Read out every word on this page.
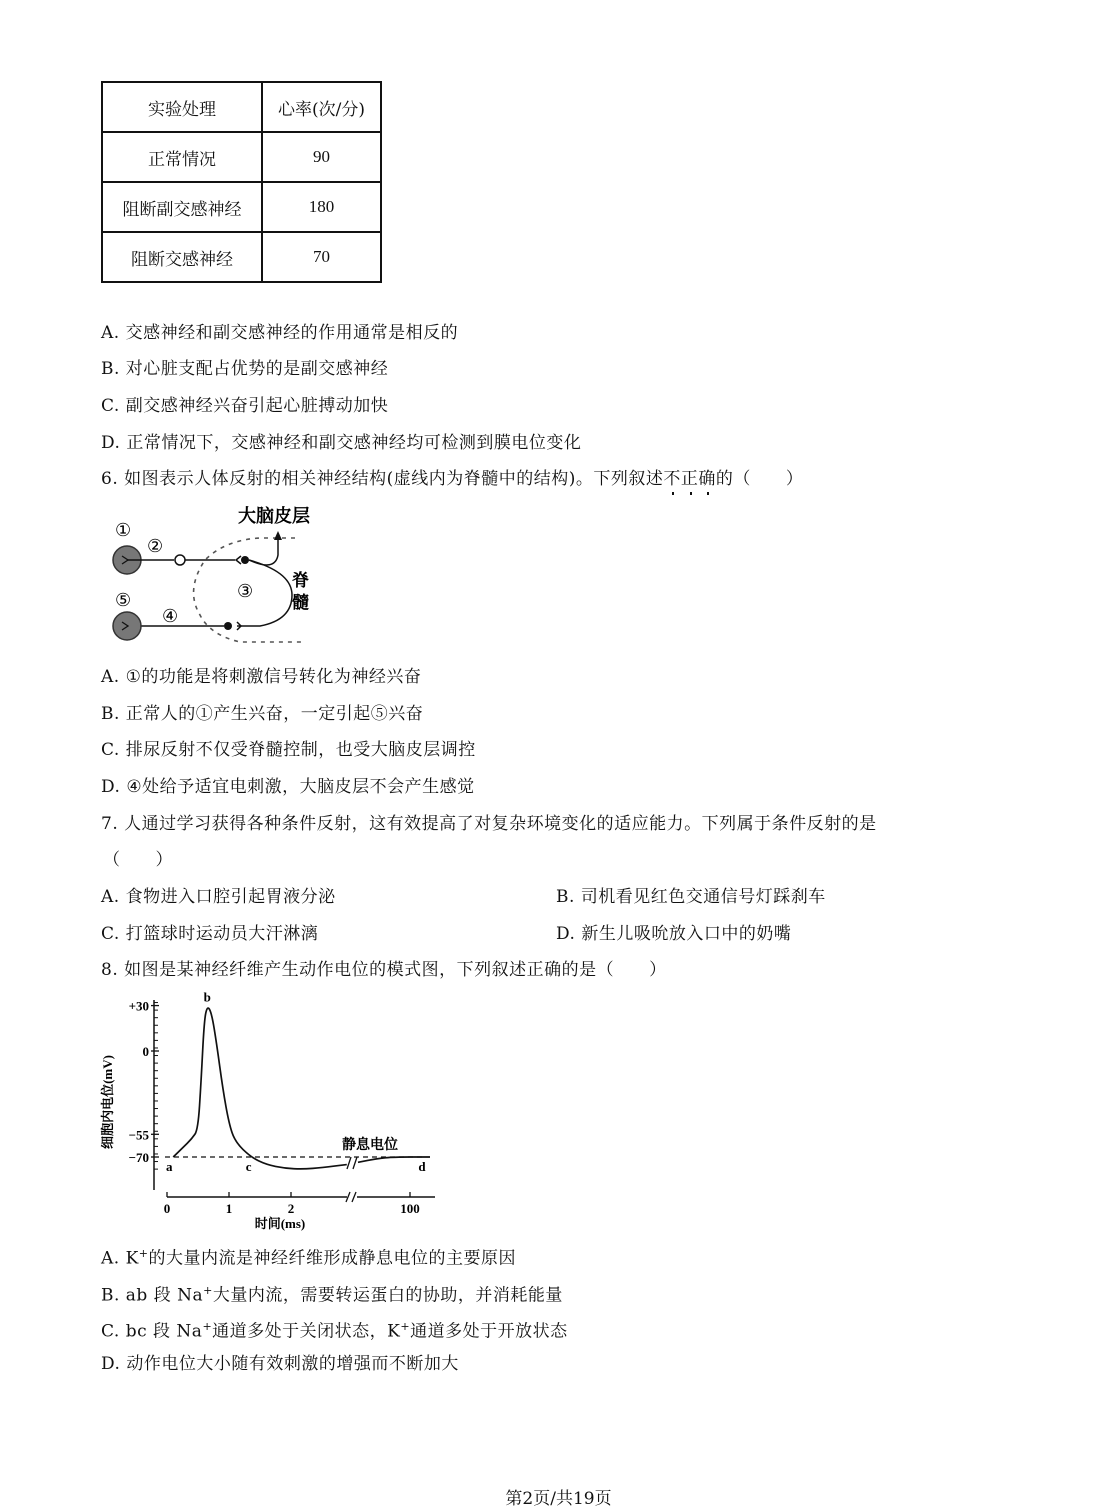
实验处理	心率(次/分)
正常情况	90
阻断副交感神经	180
阻断交感神经	70
A. 交感神经和副交感神经的作用通常是相反的
B. 对心脏支配占优势的是副交感神经
C. 副交感神经兴奋引起心脏搏动加快
D. 正常情况下，交感神经和副交感神经均可检测到膜电位变化
6. 如图表示人体反射的相关神经结构(虚线内为脊髓中的结构)。下列叙述不正确的（　　）
大脑皮层
脊
髓
①
②
③
④
⑤
A. ①的功能是将刺激信号转化为神经兴奋
B. 正常人的①产生兴奋，一定引起⑤兴奋
C. 排尿反射不仅受脊髓控制，也受大脑皮层调控
D. ④处给予适宜电刺激，大脑皮层不会产生感觉
7. 人通过学习获得各种条件反射，这有效提高了对复杂环境变化的适应能力。下列属于条件反射的是
（　　）
A. 食物进入口腔引起胃液分泌	B. 司机看见红色交通信号灯踩刹车
C. 打篮球时运动员大汗淋漓	D. 新生儿吸吮放入口中的奶嘴
8. 如图是某神经纤维产生动作电位的模式图，下列叙述正确的是（　　）
+30
0
−55
−70
细胞内电位(mV)
0	1	2	100
时间(ms)
静息电位
a
b
c	d
A. K+的大量内流是神经纤维形成静息电位的主要原因
B. ab 段 Na+大量内流，需要转运蛋白的协助，并消耗能量
C. bc 段 Na+通道多处于关闭状态，K+通道多处于开放状态
D. 动作电位大小随有效刺激的增强而不断加大
第2页/共19页
